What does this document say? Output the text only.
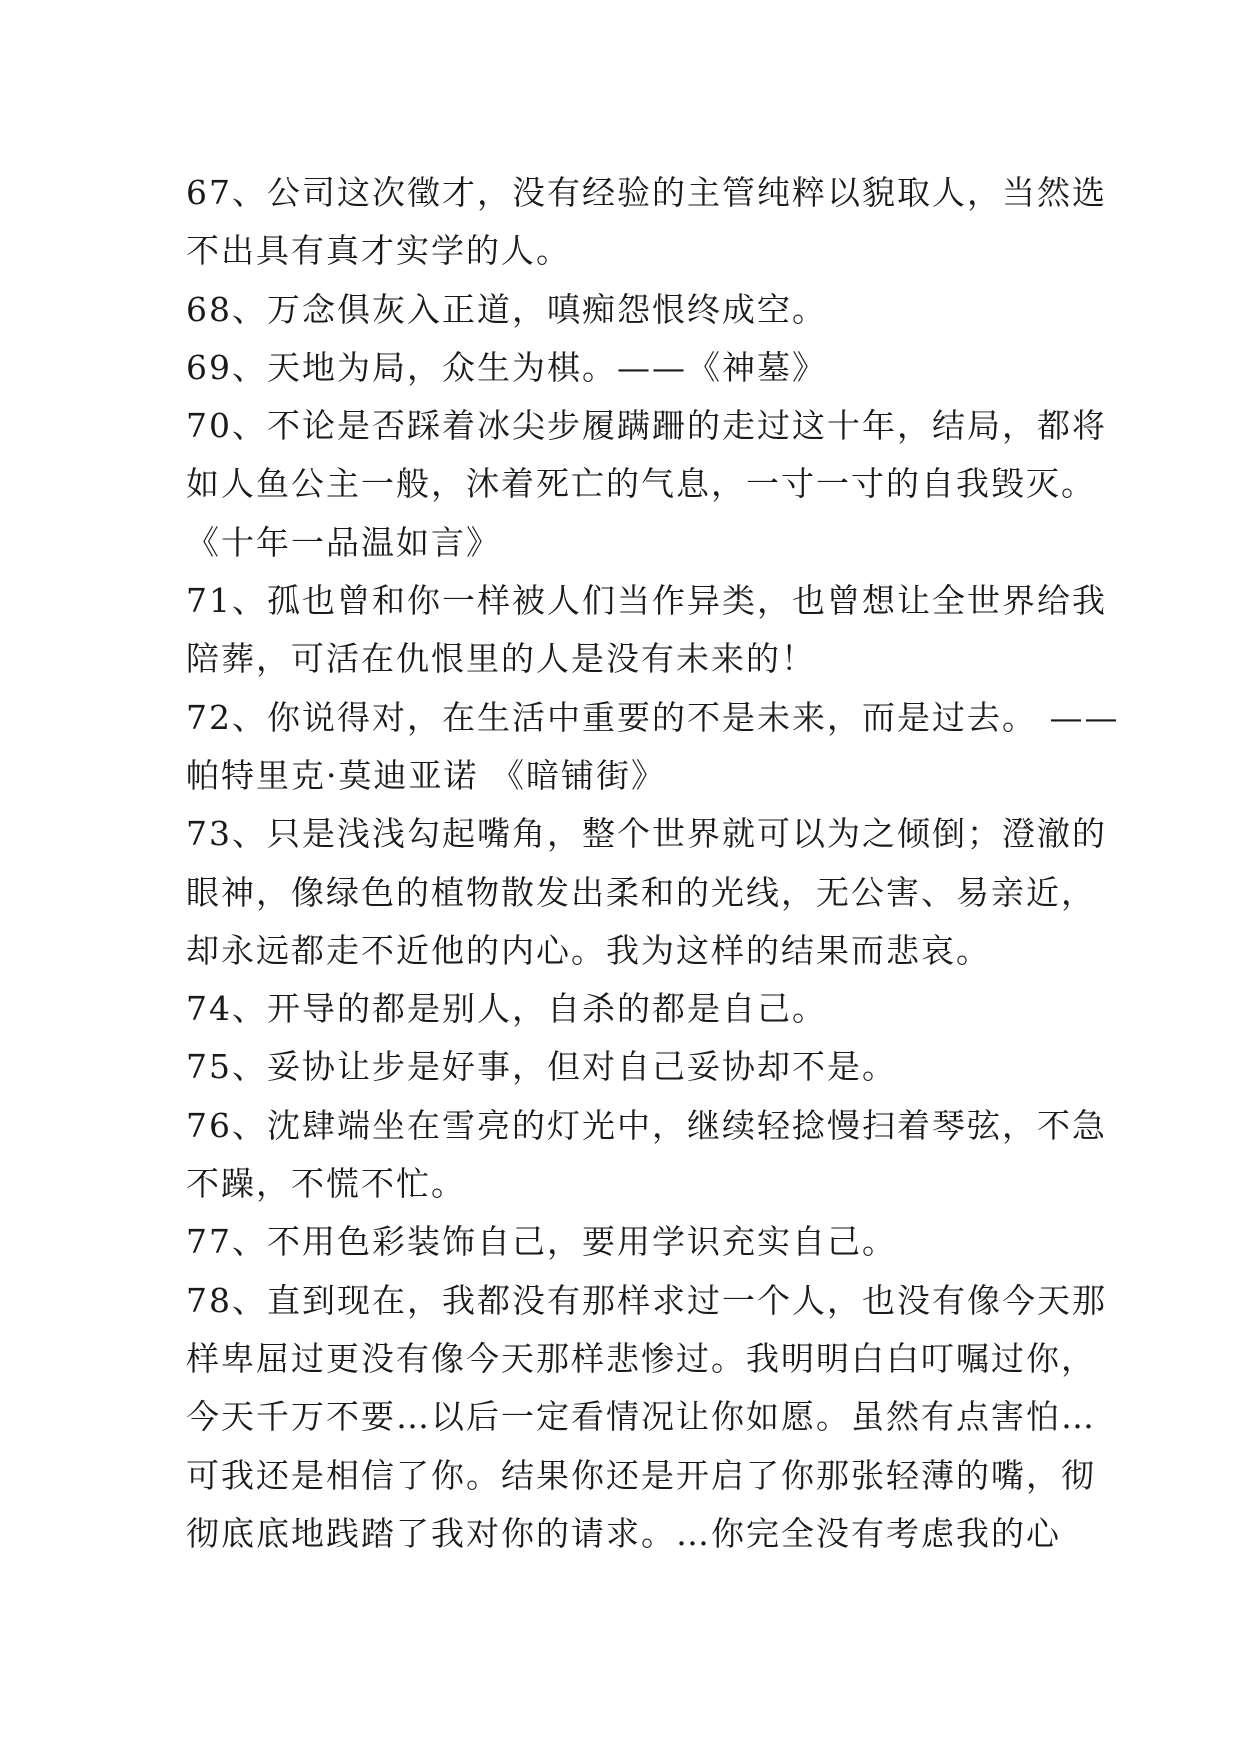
67、公司这次徵才，没有经验的主管纯粹以貌取人，当然选
不出具有真才实学的人。
68、万念俱灰入正道，嗔痴怨恨终成空。
69、天地为局，众生为棋。——《神墓》
70、不论是否踩着冰尖步履蹒跚的走过这十年，结局，都将
如人鱼公主一般，沐着死亡的气息，一寸一寸的自我毁灭。
《十年一品温如言》
71、孤也曾和你一样被人们当作异类，也曾想让全世界给我
陪葬，可活在仇恨里的人是没有未来的！
72、你说得对，在生活中重要的不是未来，而是过去。 ——
帕特里克·莫迪亚诺 《暗铺街》
73、只是浅浅勾起嘴角，整个世界就可以为之倾倒；澄澈的
眼神，像绿色的植物散发出柔和的光线，无公害、易亲近，
却永远都走不近他的内心。我为这样的结果而悲哀。
74、开导的都是别人，自杀的都是自己。
75、妥协让步是好事，但对自己妥协却不是。
76、沈肆端坐在雪亮的灯光中，继续轻捻慢扫着琴弦，不急
不躁，不慌不忙。
77、不用色彩装饰自己，要用学识充实自己。
78、直到现在，我都没有那样求过一个人，也没有像今天那
样卑屈过更没有像今天那样悲惨过。我明明白白叮嘱过你，
今天千万不要…以后一定看情况让你如愿。虽然有点害怕…
可我还是相信了你。结果你还是开启了你那张轻薄的嘴，彻
彻底底地践踏了我对你的请求。…你完全没有考虑我的心
